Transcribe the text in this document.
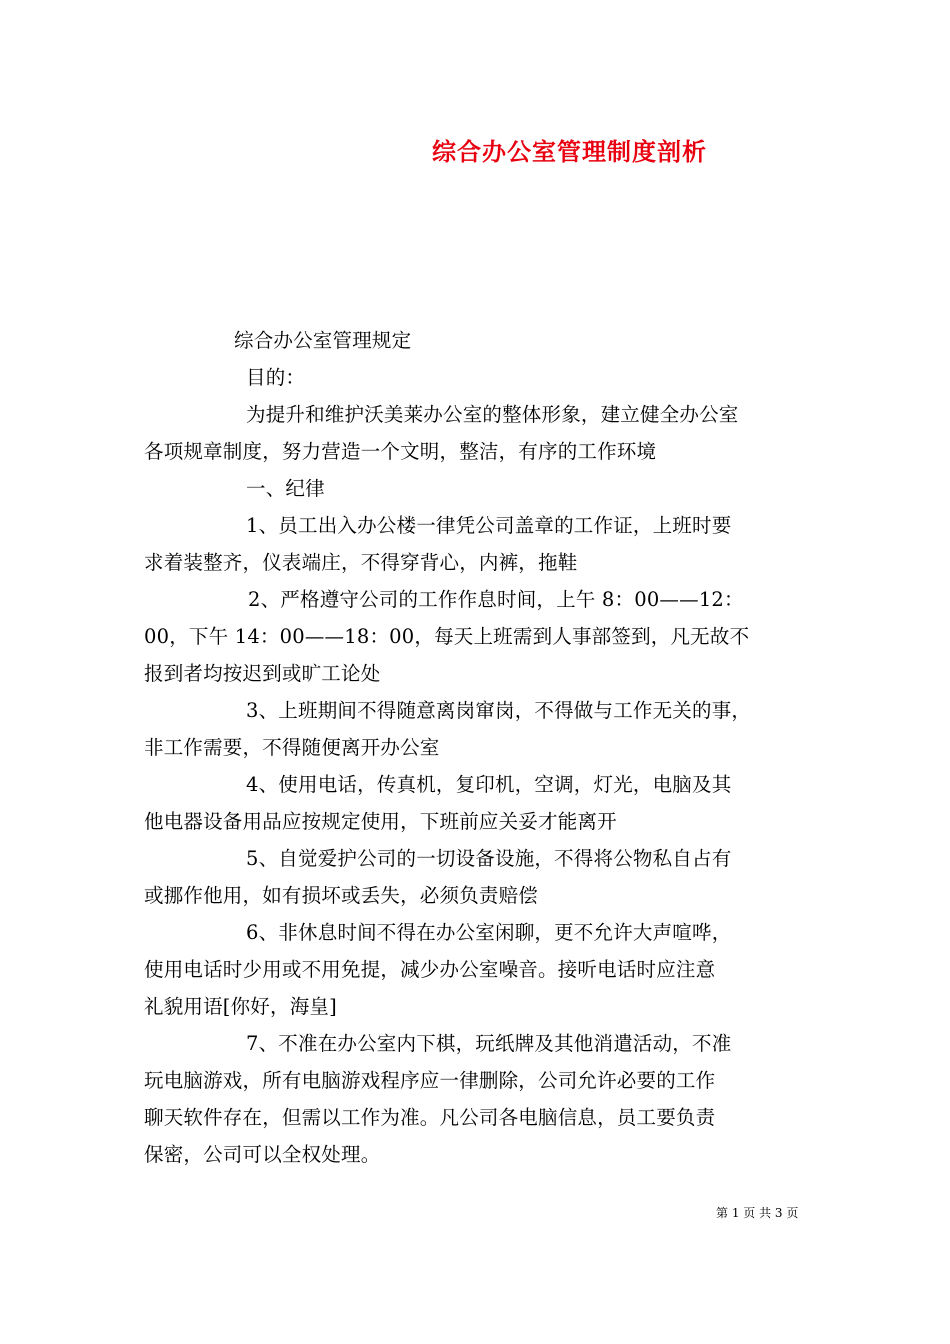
综合办公室管理制度剖析
综合办公室管理规定
目的：
为提升和维护沃美莱办公室的整体形象，建立健全办公室
各项规章制度，努力营造一个文明，整洁，有序的工作环境
一、纪律
1、员工出入办公楼一律凭公司盖章的工作证，上班时要
求着装整齐，仪表端庄，不得穿背心，内裤，拖鞋
2、严格遵守公司的工作作息时间，上午 8：00——12：
00，下午 14：00——18：00，每天上班需到人事部签到，凡无故不
报到者均按迟到或旷工论处
3、上班期间不得随意离岗窜岗，不得做与工作无关的事，
非工作需要，不得随便离开办公室
4、使用电话，传真机，复印机，空调，灯光，电脑及其
他电器设备用品应按规定使用，下班前应关妥才能离开
5、自觉爱护公司的一切设备设施，不得将公物私自占有
或挪作他用，如有损坏或丢失，必须负责赔偿
6、非休息时间不得在办公室闲聊，更不允许大声喧哗，
使用电话时少用或不用免提，减少办公室噪音。接听电话时应注意
礼貌用语[你好，海皇]
7、不准在办公室内下棋，玩纸牌及其他消遣活动，不准
玩电脑游戏，所有电脑游戏程序应一律删除，公司允许必要的工作
聊天软件存在，但需以工作为准。凡公司各电脑信息，员工要负责
保密，公司可以全权处理。
第 1 页 共 3 页
